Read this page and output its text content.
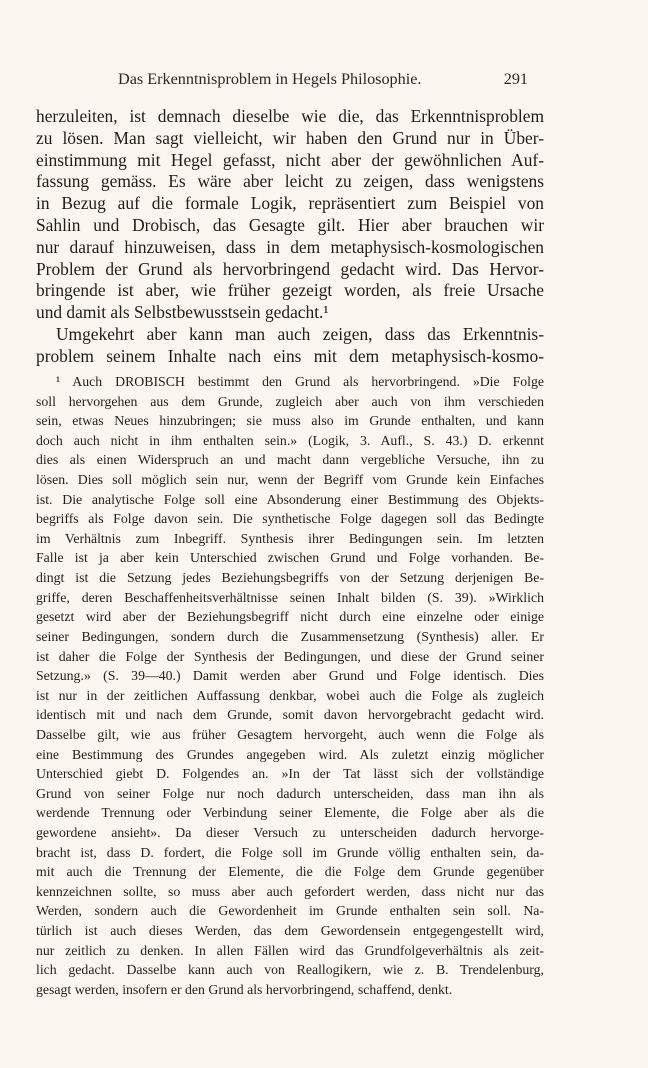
Das Erkenntnisproblem in Hegels Philosophie.	291
herzuleiten, ist demnach dieselbe wie die, das Erkenntnisproblem
zu lösen. Man sagt vielleicht, wir haben den Grund nur in Über-
einstimmung mit Hegel gefasst, nicht aber der gewöhnlichen Auf-
fassung gemäss. Es wäre aber leicht zu zeigen, dass wenigstens
in Bezug auf die formale Logik, repräsentiert zum Beispiel von
Sahlin und Drobisch, das Gesagte gilt. Hier aber brauchen wir
nur darauf hinzuweisen, dass in dem metaphysisch-kosmologischen
Problem der Grund als hervorbringend gedacht wird. Das Hervor-
bringende ist aber, wie früher gezeigt worden, als freie Ursache
und damit als Selbstbewusstsein gedacht.¹
Umgekehrt aber kann man auch zeigen, dass das Erkenntnis-
problem seinem Inhalte nach eins mit dem metaphysisch-kosmo-
¹ Auch DROBISCH bestimmt den Grund als hervorbringend. »Die Folge
soll hervorgehen aus dem Grunde, zugleich aber auch von ihm verschieden
sein, etwas Neues hinzubringen; sie muss also im Grunde enthalten, und kann
doch auch nicht in ihm enthalten sein.» (Logik, 3. Aufl., S. 43.) D. erkennt
dies als einen Widerspruch an und macht dann vergebliche Versuche, ihn zu
lösen. Dies soll möglich sein nur, wenn der Begriff vom Grunde kein Einfaches
ist. Die analytische Folge soll eine Absonderung einer Bestimmung des Objekts-
begriffs als Folge davon sein. Die synthetische Folge dagegen soll das Bedingte
im Verhältnis zum Inbegriff. Synthesis ihrer Bedingungen sein. Im letzten
Falle ist ja aber kein Unterschied zwischen Grund und Folge vorhanden. Be-
dingt ist die Setzung jedes Beziehungsbegriffs von der Setzung derjenigen Be-
griffe, deren Beschaffenheitsverhältnisse seinen Inhalt bilden (S. 39). »Wirklich
gesetzt wird aber der Beziehungsbegriff nicht durch eine einzelne oder einige
seiner Bedingungen, sondern durch die Zusammensetzung (Synthesis) aller. Er
ist daher die Folge der Synthesis der Bedingungen, und diese der Grund seiner
Setzung.» (S. 39—40.) Damit werden aber Grund und Folge identisch. Dies
ist nur in der zeitlichen Auffassung denkbar, wobei auch die Folge als zugleich
identisch mit und nach dem Grunde, somit davon hervorgebracht gedacht wird.
Dasselbe gilt, wie aus früher Gesagtem hervorgeht, auch wenn die Folge als
eine Bestimmung des Grundes angegeben wird. Als zuletzt einzig möglicher
Unterschied giebt D. Folgendes an. »In der Tat lässt sich der vollständige
Grund von seiner Folge nur noch dadurch unterscheiden, dass man ihn als
werdende Trennung oder Verbindung seiner Elemente, die Folge aber als die
gewordene ansieht». Da dieser Versuch zu unterscheiden dadurch hervorge-
bracht ist, dass D. fordert, die Folge soll im Grunde völlig enthalten sein, da-
mit auch die Trennung der Elemente, die die Folge dem Grunde gegenüber
kennzeichnen sollte, so muss aber auch gefordert werden, dass nicht nur das
Werden, sondern auch die Gewordenheit im Grunde enthalten sein soll. Na-
türlich ist auch dieses Werden, das dem Gewordensein entgegengestellt wird,
nur zeitlich zu denken. In allen Fällen wird das Grundfolgeverhältnis als zeit-
lich gedacht. Dasselbe kann auch von Reallogikern, wie z. B. Trendelenburg,
gesagt werden, insofern er den Grund als hervorbringend, schaffend, denkt.
